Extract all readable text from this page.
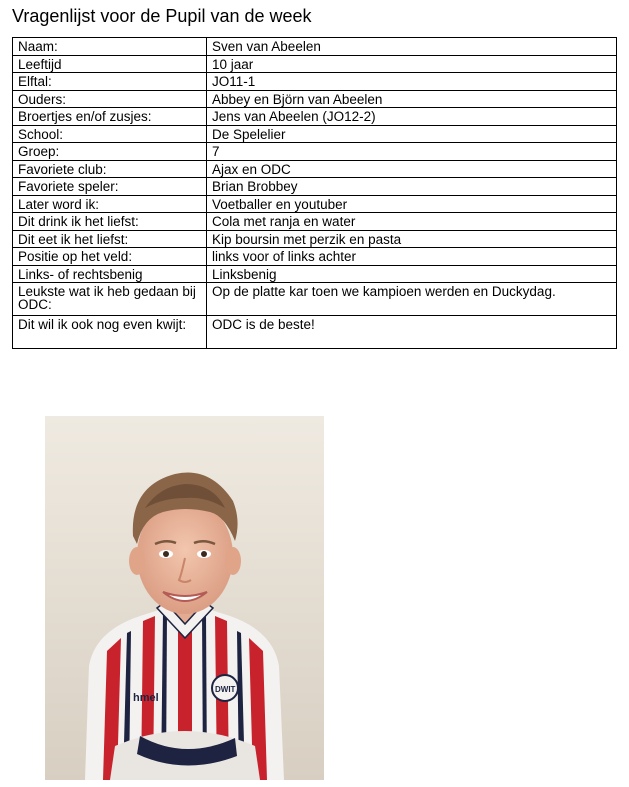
Vragenlijst voor de Pupil van de week
Naam:	Sven van Abeelen
Leeftijd	10 jaar
Elftal:	JO11-1
Ouders:	Abbey en Björn van Abeelen
Broertjes en/of zusjes:	Jens van Abeelen (JO12-2)
School:	De Spelelier
Groep:	7
Favoriete club:	Ajax en ODC
Favoriete speler:	Brian Brobbey
Later word ik:	Voetballer en youtuber
Dit drink ik het liefst:	Cola met ranja en water
Dit eet ik het liefst:	Kip boursin met perzik en pasta
Positie op het veld:	links voor of links achter
Links- of rechtsbenig	Linksbenig
Leukste wat ik heb gedaan bij ODC:	Op de platte kar toen we kampioen werden en Duckydag.
Dit wil ik ook nog even kwijt:	ODC is de beste!
hmel
DWIT
